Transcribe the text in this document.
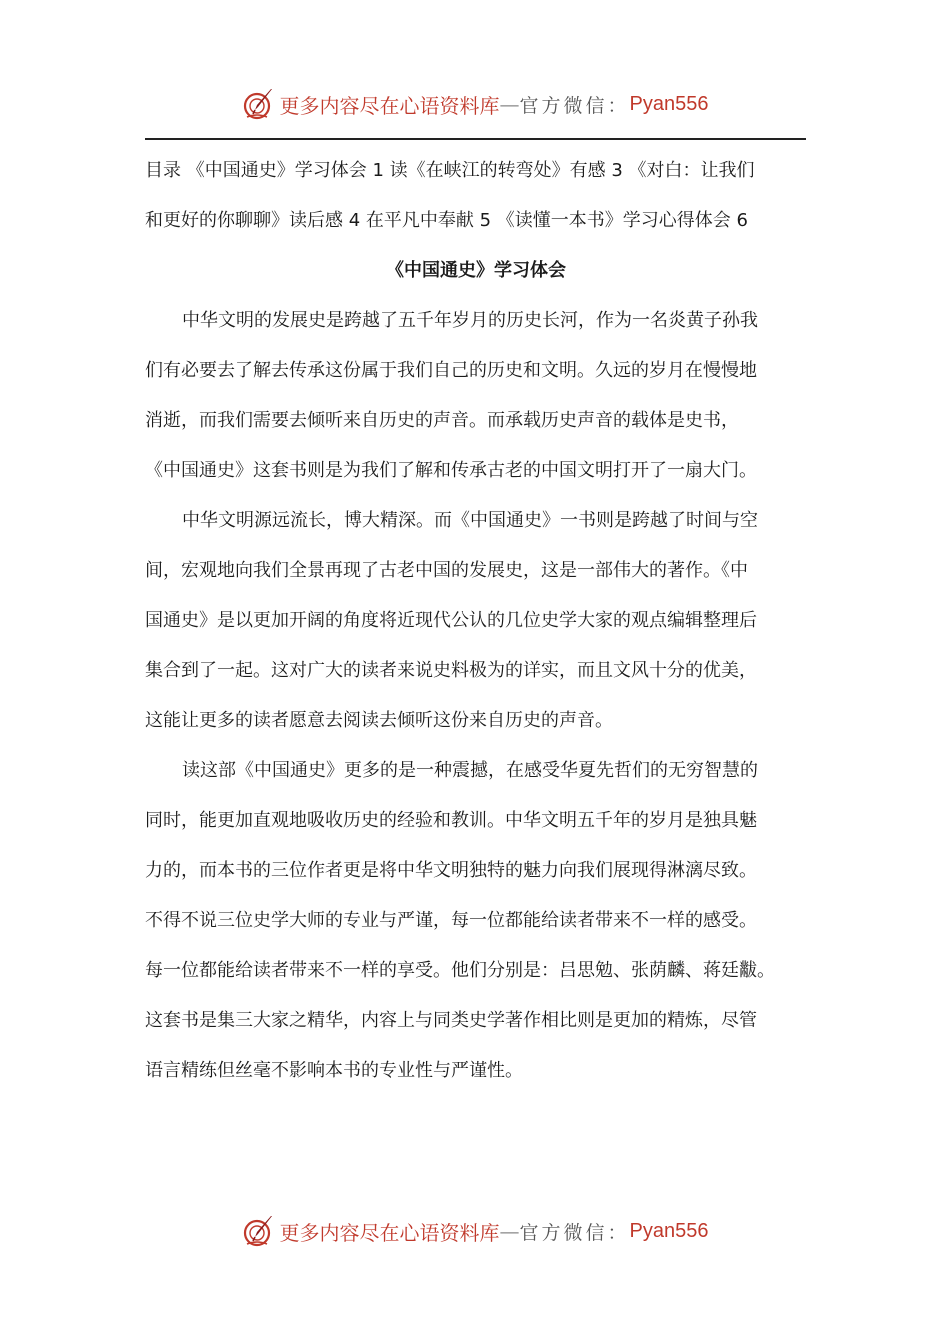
更多内容尽在心语资料库 — 官方微信： Pyan556
目录 《中国通史》学习体会 1 读《在峡江的转弯处》有感 3 《对白：让我们
和更好的你聊聊》读后感 4 在平凡中奉献 5 《读懂一本书》学习心得体会 6
《中国通史》学习体会
中华文明的发展史是跨越了五千年岁月的历史长河，作为一名炎黄子孙我
们有必要去了解去传承这份属于我们自己的历史和文明。久远的岁月在慢慢地
消逝，而我们需要去倾听来自历史的声音。而承载历史声音的载体是史书，
《中国通史》这套书则是为我们了解和传承古老的中国文明打开了一扇大门。
中华文明源远流长，博大精深。而《中国通史》一书则是跨越了时间与空
间，宏观地向我们全景再现了古老中国的发展史，这是一部伟大的著作。《中
国通史》是以更加开阔的角度将近现代公认的几位史学大家的观点编辑整理后
集合到了一起。这对广大的读者来说史料极为的详实，而且文风十分的优美，
这能让更多的读者愿意去阅读去倾听这份来自历史的声音。
读这部《中国通史》更多的是一种震撼，在感受华夏先哲们的无穷智慧的
同时，能更加直观地吸收历史的经验和教训。中华文明五千年的岁月是独具魅
力的，而本书的三位作者更是将中华文明独特的魅力向我们展现得淋漓尽致。
不得不说三位史学大师的专业与严谨，每一位都能给读者带来不一样的感受。
每一位都能给读者带来不一样的享受。他们分别是：吕思勉、张荫麟、蒋廷黻。
这套书是集三大家之精华，内容上与同类史学著作相比则是更加的精炼，尽管
语言精练但丝毫不影响本书的专业性与严谨性。
更多内容尽在心语资料库 — 官方微信： Pyan556
